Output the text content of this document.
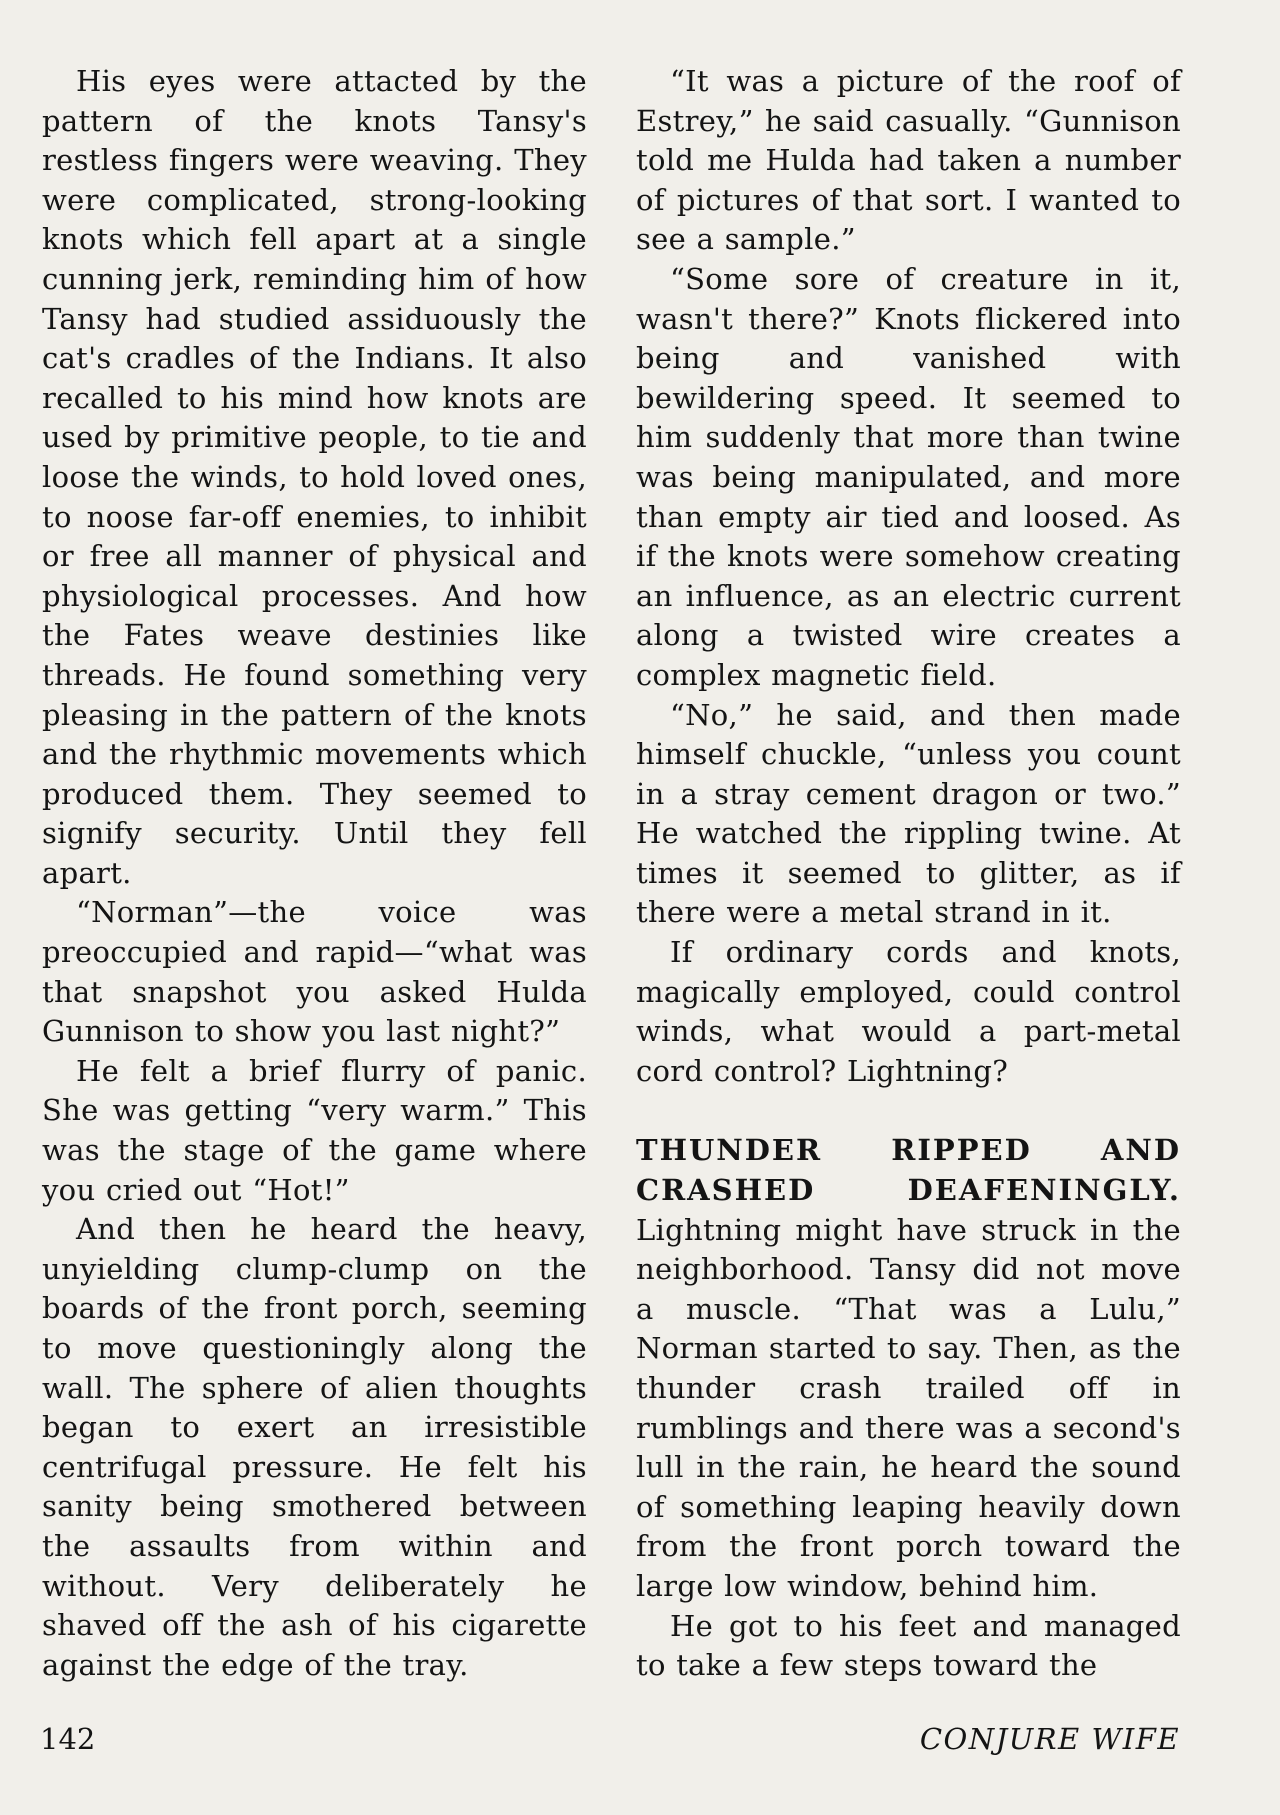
His eyes were attacted by the pattern of the knots Tansy's restless fingers were weaving. They were complicated, strong-looking knots which fell apart at a single cunning jerk, reminding him of how Tansy had studied assiduously the cat's cradles of the Indians. It also recalled to his mind how knots are used by primitive people, to tie and loose the winds, to hold loved ones, to noose far-off enemies, to inhibit or free all manner of physical and physiological processes. And how the Fates weave destinies like threads. He found something very pleasing in the pattern of the knots and the rhythmic movements which produced them. They seemed to signify security. Until they fell apart.

“Norman”—the voice was preoccupied and rapid—“what was that snapshot you asked Hulda Gunnison to show you last night?”

He felt a brief flurry of panic. She was getting “very warm.” This was the stage of the game where you cried out “Hot!”

And then he heard the heavy, unyielding clump-clump on the boards of the front porch, seeming to move questioningly along the wall. The sphere of alien thoughts began to exert an irresistible centrifugal pressure. He felt his sanity being smothered between the assaults from within and without. Very deliberately he shaved off the ash of his cigarette against the edge of the tray.

“It was a picture of the roof of Estrey,” he said casually. “Gunnison told me Hulda had taken a number of pictures of that sort. I wanted to see a sample.”

“Some sore of creature in it, wasn't there?” Knots flickered into being and vanished with bewildering speed. It seemed to him suddenly that more than twine was being manipulated, and more than empty air tied and loosed. As if the knots were somehow creating an influence, as an electric current along a twisted wire creates a complex magnetic field.

“No,” he said, and then made himself chuckle, “unless you count in a stray cement dragon or two.” He watched the rippling twine. At times it seemed to glitter, as if there were a metal strand in it.

If ordinary cords and knots, magically employed, could control winds, what would a part-metal cord control? Lightning?

THUNDER RIPPED AND CRASHED DEAFENINGLY. Lightning might have struck in the neighborhood. Tansy did not move a muscle. “That was a Lulu,” Norman started to say. Then, as the thunder crash trailed off in rumblings and there was a second's lull in the rain, he heard the sound of something leaping heavily down from the front porch toward the large low window, behind him.

He got to his feet and managed to take a few steps toward the

142	CONJURE WIFE
